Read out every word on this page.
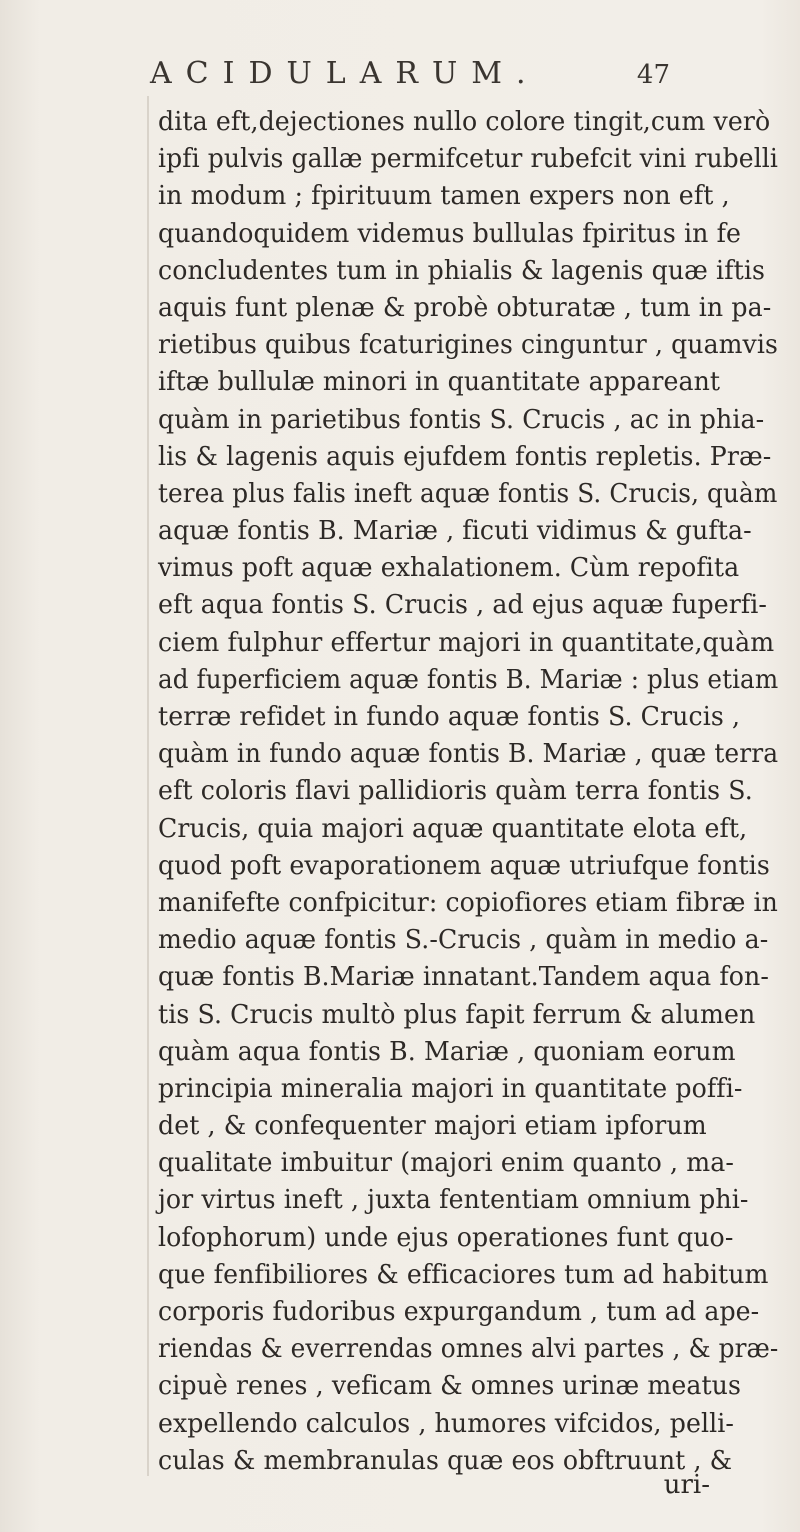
ACIDULARUM.	47
dita eft,dejectiones nullo colore tingit,cum verò
ipfi pulvis gallæ permifcetur rubefcit vini rubelli
in modum ; fpirituum tamen expers non eft ,
quandoquidem videmus bullulas fpiritus in fe
concludentes tum in phialis & lagenis quæ iftis
aquis funt plenæ & probè obturatæ , tum in pa-
rietibus quibus fcaturigines cinguntur , quamvis
iftæ bullulæ minori in quantitate appareant
quàm in parietibus fontis S. Crucis , ac in phia-
lis & lagenis aquis ejufdem fontis repletis. Præ-
terea plus falis ineft aquæ fontis S. Crucis, quàm
aquæ fontis B. Mariæ , ficuti vidimus & gufta-
vimus poft aquæ exhalationem. Cùm repofita
eft aqua fontis S. Crucis , ad ejus aquæ fuperfi-
ciem fulphur effertur majori in quantitate,quàm
ad fuperficiem aquæ fontis B. Mariæ : plus etiam
terræ refidet in fundo aquæ fontis S. Crucis ,
quàm in fundo aquæ fontis B. Mariæ , quæ terra
eft coloris flavi pallidioris quàm terra fontis S.
Crucis, quia majori aquæ quantitate elota eft,
quod poft evaporationem aquæ utriufque fontis
manifefte confpicitur: copiofiores etiam fibræ in
medio aquæ fontis S.-Crucis , quàm in medio a-
quæ fontis B.Mariæ innatant.Tandem aqua fon-
tis S. Crucis multò plus fapit ferrum & alumen
quàm aqua fontis B. Mariæ , quoniam eorum
principia mineralia majori in quantitate poffi-
det , & confequenter majori etiam ipforum
qualitate imbuitur (majori enim quanto , ma-
jor virtus ineft , juxta fententiam omnium phi-
lofophorum) unde ejus operationes funt quo-
que fenfibiliores & efficaciores tum ad habitum
corporis fudoribus expurgandum , tum ad ape-
riendas & everrendas omnes alvi partes , & præ-
cipuè renes , veficam & omnes urinæ meatus
expellendo calculos , humores vifcidos, pelli-
culas & membranulas quæ eos obftruunt , &
uri-
